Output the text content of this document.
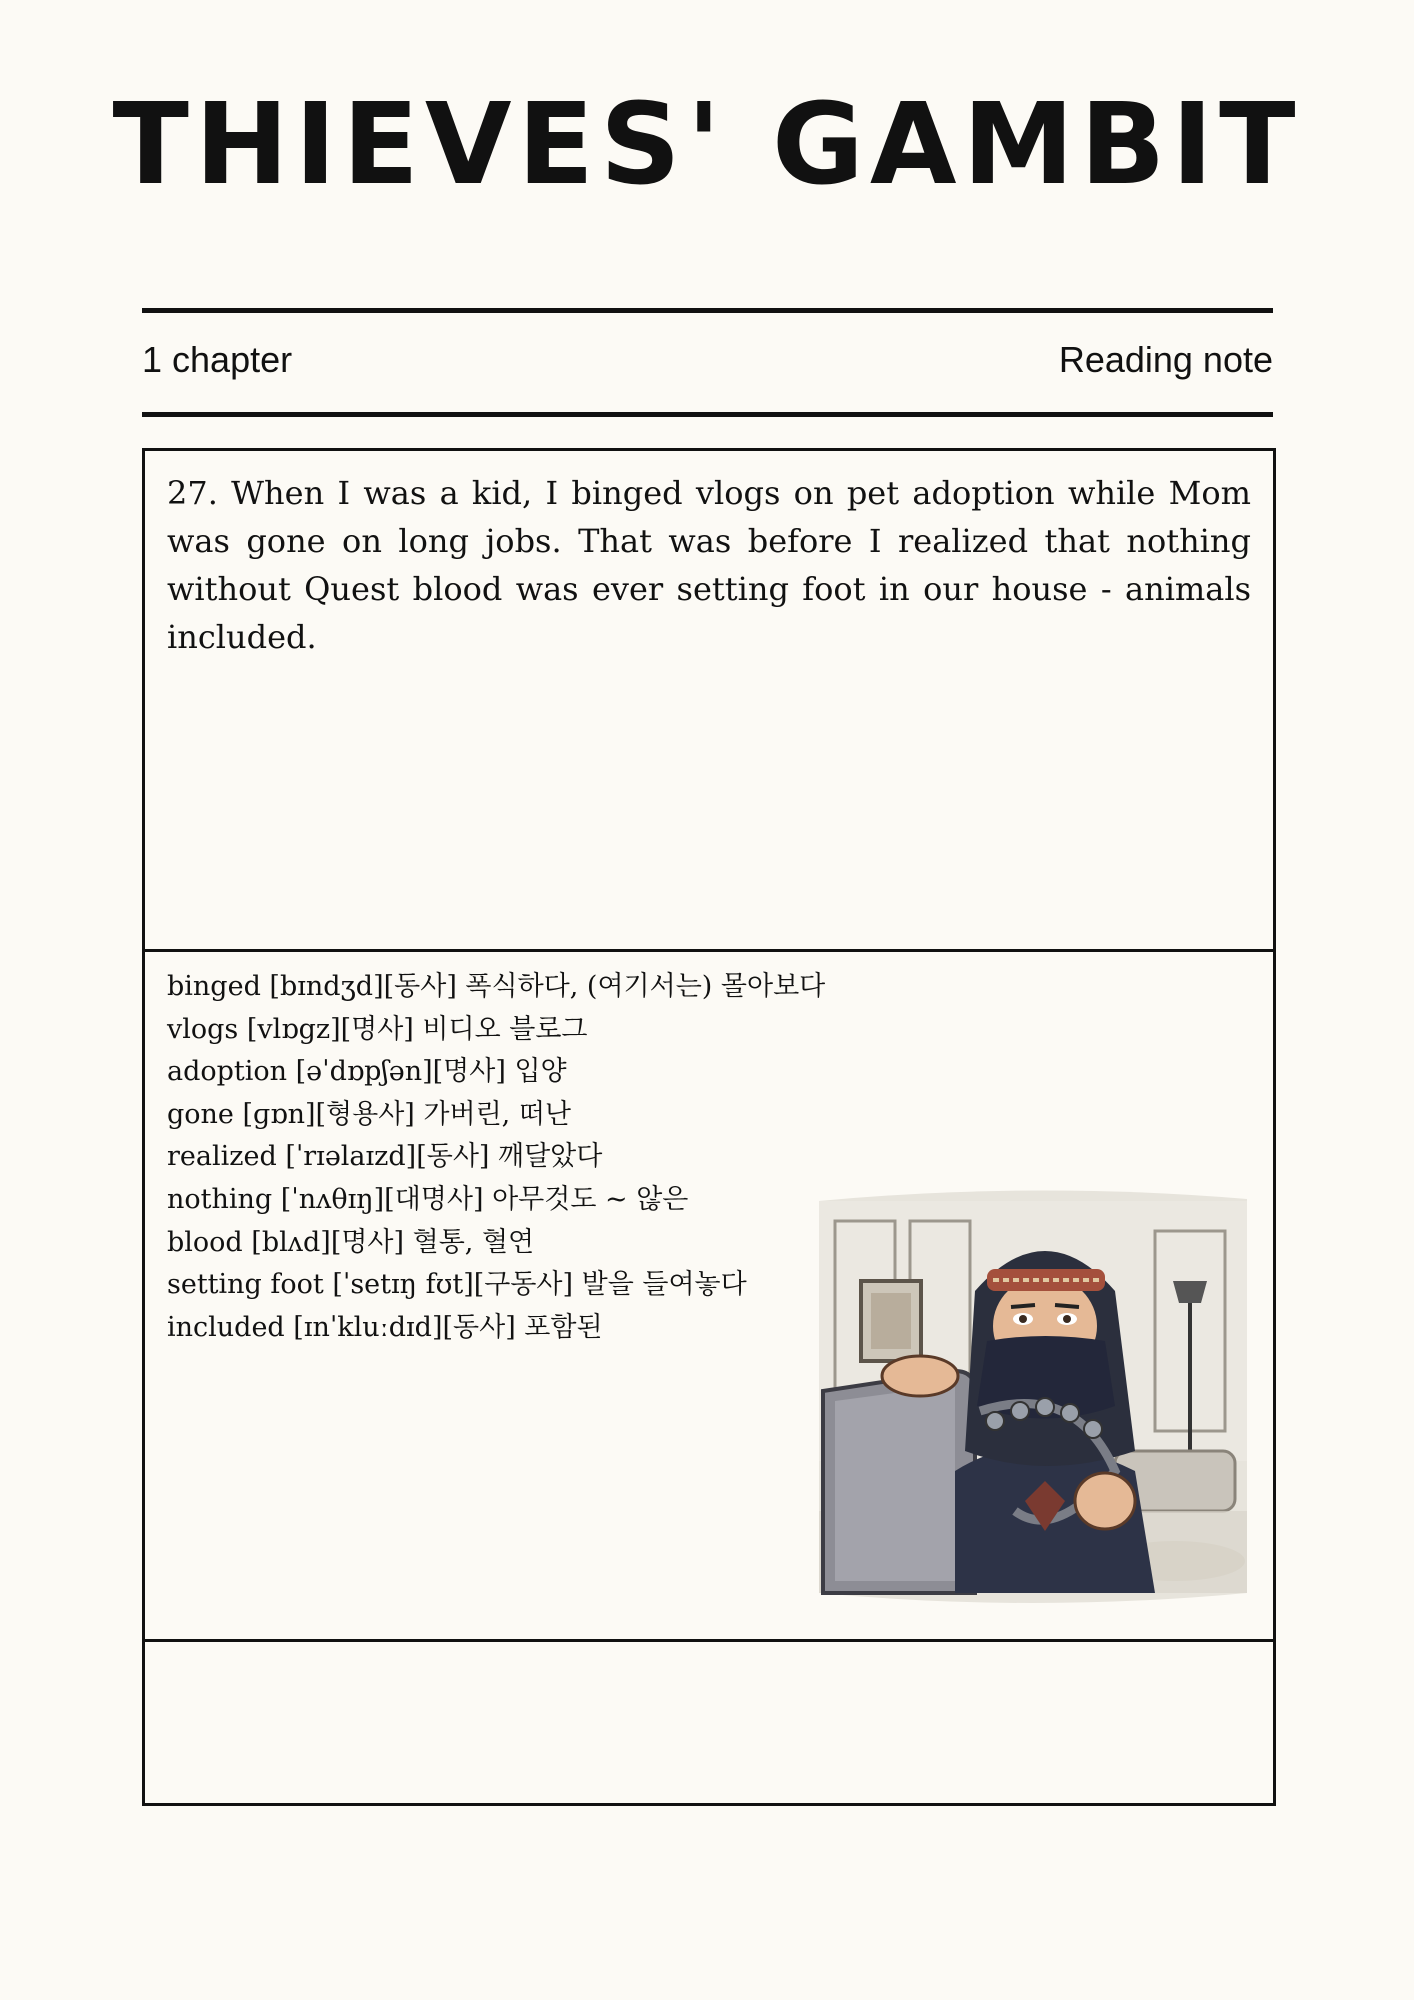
THIEVES' GAMBIT
1 chapter	Reading note
27. When I was a kid, I binged vlogs on pet adoption while Mom was gone on long jobs. That was before I realized that nothing without Quest blood was ever setting foot in our house - animals included.
binged [bɪndʒd][동사] 폭식하다, (여기서는) 몰아보다
vlogs [vlɒgz][명사] 비디오 블로그
adoption [əˈdɒpʃən][명사] 입양
gone [ɡɒn][형용사] 가버린, 떠난
realized [ˈrɪəlaɪzd][동사] 깨달았다
nothing [ˈnʌθɪŋ][대명사] 아무것도 ~ 않은
blood [blʌd][명사] 혈통, 혈연
setting foot [ˈsetɪŋ fʊt][구동사] 발을 들여놓다
included [ɪnˈkluːdɪd][동사] 포함된
